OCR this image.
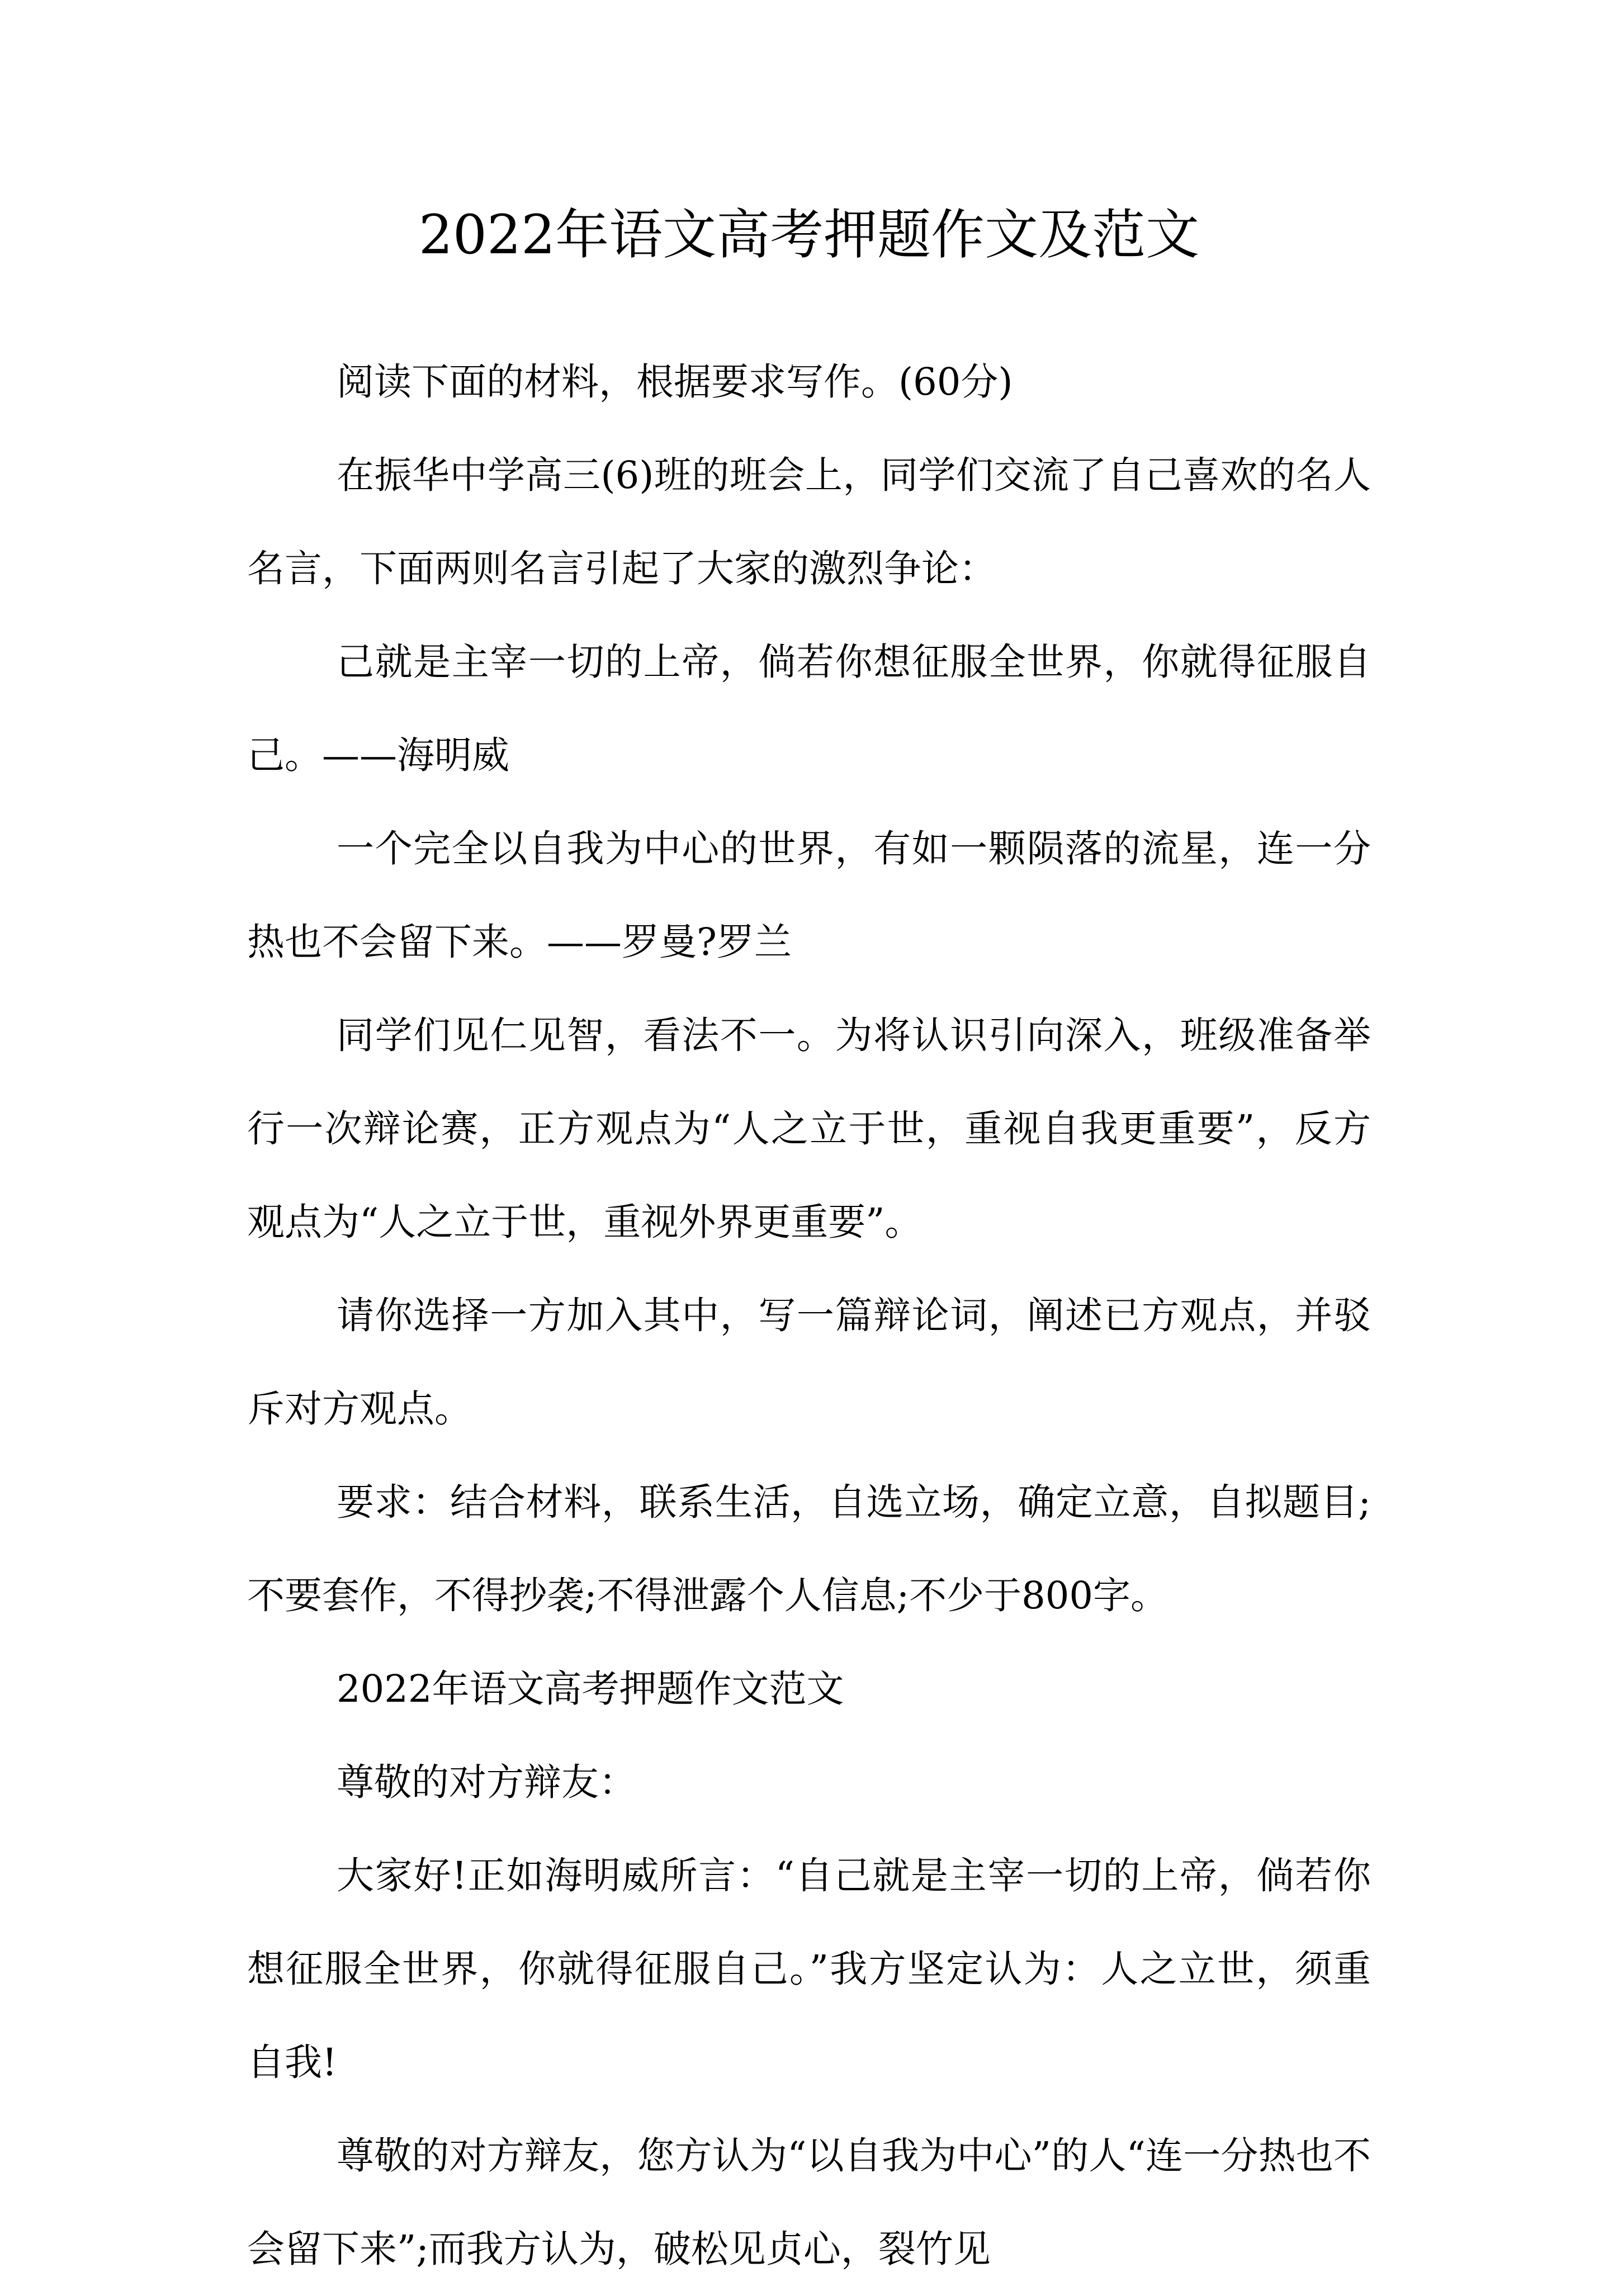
2022年语文高考押题作文及范文

阅读下面的材料，根据要求写作。(60分)

在振华中学高三(6)班的班会上，同学们交流了自己喜欢的名人名言，下面两则名言引起了大家的激烈争论：

己就是主宰一切的上帝，倘若你想征服全世界，你就得征服自己。——海明威

一个完全以自我为中心的世界，有如一颗陨落的流星，连一分热也不会留下来。——罗曼?罗兰

同学们见仁见智，看法不一。为将认识引向深入，班级准备举行一次辩论赛，正方观点为“人之立于世，重视自我更重要”，反方观点为“人之立于世，重视外界更重要”。

请你选择一方加入其中，写一篇辩论词，阐述已方观点，并驳斥对方观点。

要求：结合材料，联系生活，自选立场，确定立意，自拟题目;不要套作，不得抄袭;不得泄露个人信息;不少于800字。

2022年语文高考押题作文范文

尊敬的对方辩友：

大家好!正如海明威所言：“自己就是主宰一切的上帝，倘若你想征服全世界，你就得征服自己。”我方坚定认为：人之立世，须重自我!

尊敬的对方辩友，您方认为“以自我为中心”的人“连一分热也不会留下来”;而我方认为，破松见贞心，裂竹见
